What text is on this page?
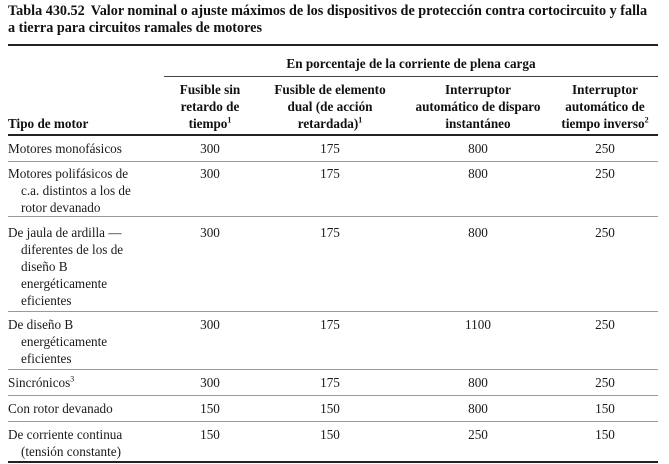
Tabla 430.52 Valor nominal o ajuste máximos de los dispositivos de protección contra cortocircuito y falla a tierra para circuitos ramales de motores
En porcentaje de la corriente de plena carga
Tipo de motor
Fusible sin
retardo de
tiempo$^1$
Fusible de elemento
dual (de acción
retardada)$^1$
Interruptor
automático de disparo
instantáneo
Interruptor
automático de
tiempo inverso$^2$
Motores monofásicos	300	175	800	250
Motores polifásicos de
c.a. distintos a los de
rotor devanado
300	175	800	250
De jaula de ardilla —
diferentes de los de
diseño B
energéticamente
eficientes
300	175	800	250
De diseño B
energéticamente
eficientes
300	175	1100	250
Sincrónicos$^3$	300	175	800	250
Con rotor devanado	150	150	800	150
De corriente continua
(tensión constante)
150	150	250	150
